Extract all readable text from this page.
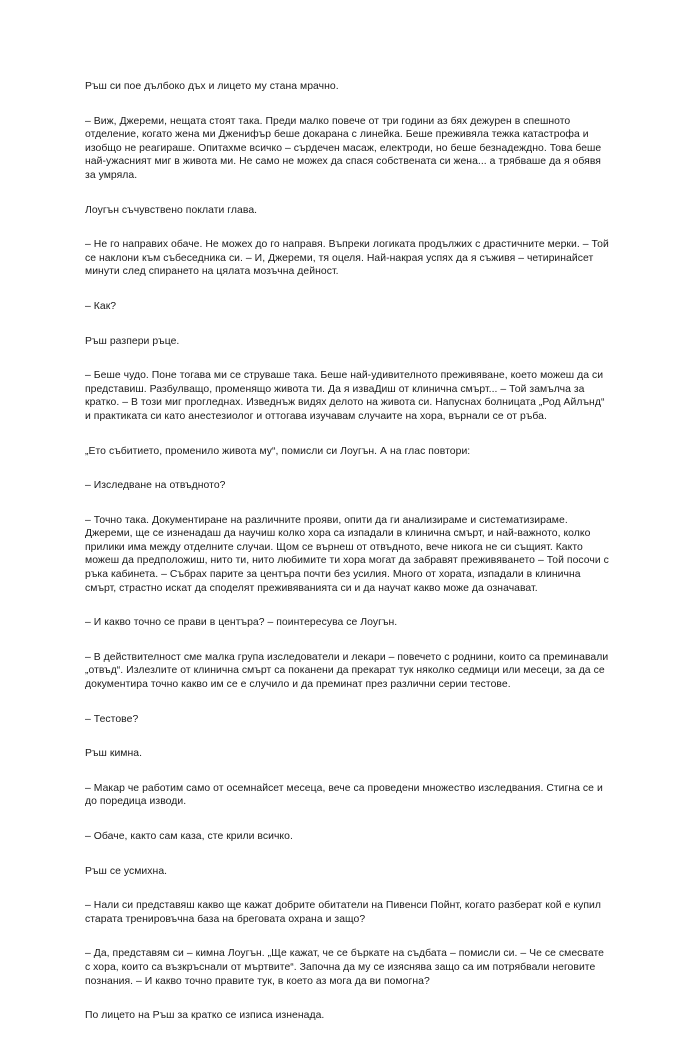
Ръш си пое дълбоко дъх и лицето му стана мрачно.

– Виж, Джереми, нещата стоят така. Преди малко повече от три години аз бях дежурен в спешното
отделение, когато жена ми Дженифър беше докарана с линейка. Беше преживяла тежка катастрофа и
изобщо не реагираше. Опитахме всичко – сърдечен масаж, електроди, но беше безнадеждно. Това беше
най-ужасният миг в живота ми. Не само не можех да спася собствената си жена... а трябваше да я обявя
за умряла.

Лоугън съчувствено поклати глава.

– Не го направих обаче. Не можех до го направя. Въпреки логиката продължих с драстичните мерки. – Той
се наклони към събеседника си. – И, Джереми, тя оцеля. Най-накрая успях да я съживя – четиринайсет
минути след спирането на цялата мозъчна дейност.

– Как?

Ръш разпери ръце.

– Беше чудо. Поне тогава ми се струваше така. Беше най-удивителното преживяване, което можеш да си
представиш. Разбулващо, променящо живота ти. Да я изваДиш от клинична смърт... – Той замълча за
кратко. – В този миг прогледнах. Изведнъж видях делото на живота си. Напуснах болницата „Род Айлънд“
и практиката си като анестезиолог и оттогава изучавам случаите на хора, върнали се от ръба.

„Ето събитието, променило живота му“, помисли си Лоугън. А на глас повтори:

– Изследване на отвъдното?

– Точно така. Документиране на различните прояви, опити да ги анализираме и систематизираме.
Джереми, ще се изненадаш да научиш колко хора са изпадали в клинична смърт, и най-важното, колко
прилики има между отделните случаи. Щом се върнеш от отвъдното, вече никога не си същият. Както
можеш да предположиш, нито ти, нито любимите ти хора могат да забравят преживяването – Той посочи с
ръка кабинета. – Събрах парите за центъра почти без усилия. Много от хората, изпадали в клинична
смърт, страстно искат да споделят преживяванията си и да научат какво може да означават.

– И какво точно се прави в центъра? – поинтересува се Лоугън.

– В действителност сме малка група изследователи и лекари – повечето с роднини, които са преминавали
„отвъд“. Излезлите от клинична смърт са поканени да прекарат тук няколко седмици или месеци, за да се
документира точно какво им се е случило и да преминат през различни серии тестове.

– Тестове?

Ръш кимна.

– Макар че работим само от осемнайсет месеца, вече са проведени множество изследвания. Стигна се и
до поредица изводи.

– Обаче, както сам каза, сте крили всичко.

Ръш се усмихна.

– Нали си представяш какво ще кажат добрите обитатели на Пивенси Пойнт, когато разберат кой е купил
старата тренировъчна база на бреговата охрана и защо?

– Да, представям си – кимна Лоугън. „Ще кажат, че се бъркате на съдбата – помисли си. – Че се смесвате
с хора, които са възкръснали от мъртвите“. Започна да му се изяснява защо са им потрябвали неговите
познания. – И какво точно правите тук, в което аз мога да ви помогна?

По лицето на Ръш за кратко се изписа изненада.
